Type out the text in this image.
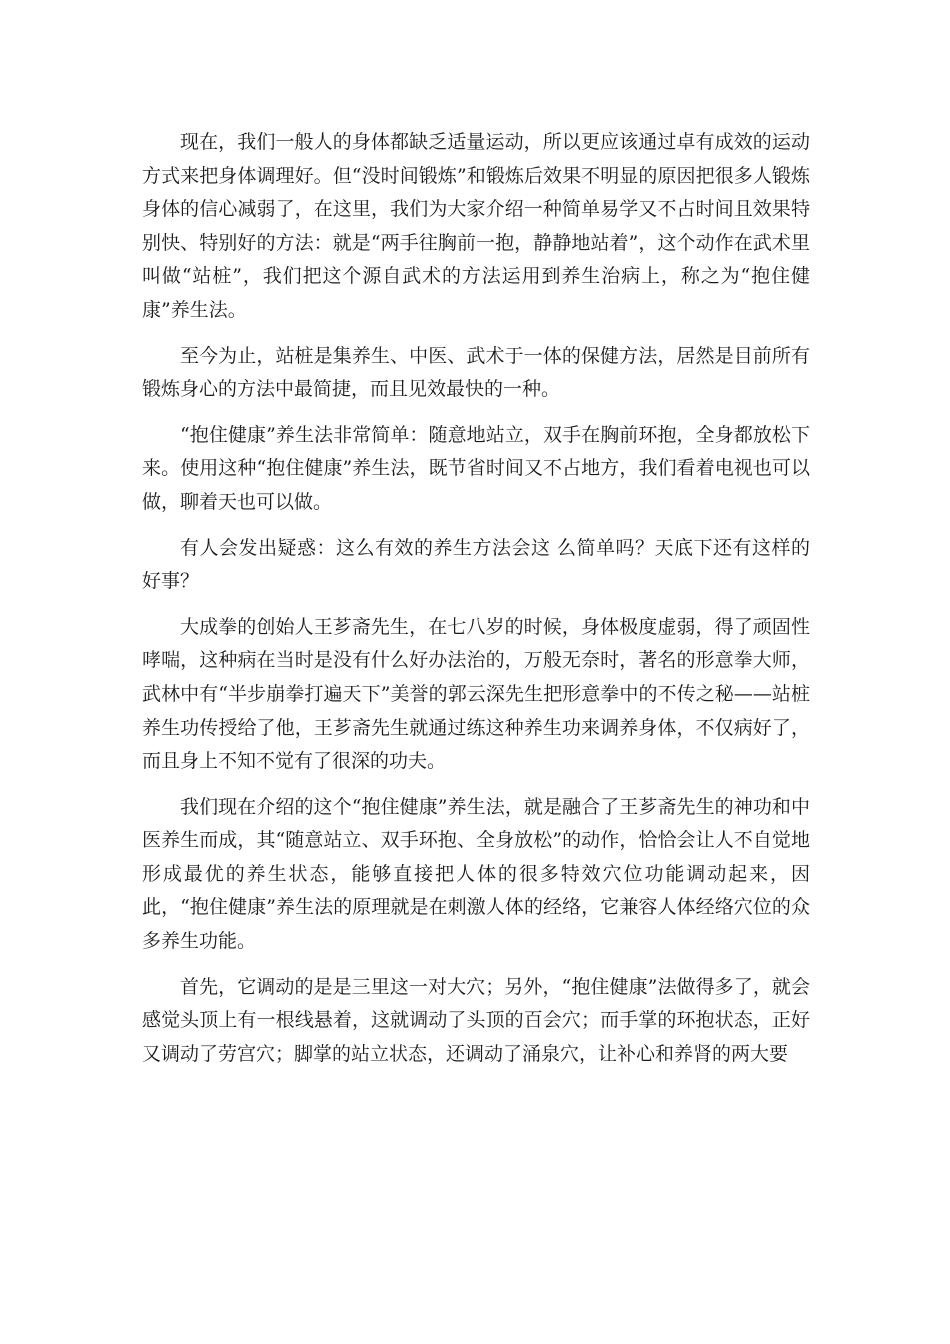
现在，我们一般人的身体都缺乏适量运动，所以更应该通过卓有成效的运动方式来把身体调理好。但“没时间锻炼”和锻炼后效果不明显的原因把很多人锻炼身体的信心减弱了，在这里，我们为大家介绍一种简单易学又不占时间且效果特别快、特别好的方法：就是“两手往胸前一抱，静静地站着”，这个动作在武术里叫做“站桩”，我们把这个源自武术的方法运用到养生治病上，称之为“抱住健康”养生法。

至今为止，站桩是集养生、中医、武术于一体的保健方法，居然是目前所有锻炼身心的方法中最简捷，而且见效最快的一种。

“抱住健康”养生法非常简单：随意地站立，双手在胸前环抱，全身都放松下来。使用这种“抱住健康”养生法，既节省时间又不占地方，我们看着电视也可以做，聊着天也可以做。

有人会发出疑惑：这么有效的养生方法会这 么简单吗？天底下还有这样的好事？

大成拳的创始人王芗斋先生，在七八岁的时候，身体极度虚弱，得了顽固性哮喘，这种病在当时是没有什么好办法治的，万般无奈时，著名的形意拳大师，武林中有“半步崩拳打遍天下”美誉的郭云深先生把形意拳中的不传之秘——站桩养生功传授给了他，王芗斋先生就通过练这种养生功来调养身体，不仅病好了，而且身上不知不觉有了很深的功夫。

我们现在介绍的这个“抱住健康”养生法，就是融合了王芗斋先生的神功和中医养生而成，其“随意站立、双手环抱、全身放松”的动作，恰恰会让人不自觉地形成最优的养生状态，能够直接把人体的很多特效穴位功能调动起来，因此，“抱住健康”养生法的原理就是在刺激人体的经络，它兼容人体经络穴位的众多养生功能。

首先，它调动的是是三里这一对大穴；另外，“抱住健康”法做得多了，就会感觉头顶上有一根线悬着，这就调动了头顶的百会穴；而手掌的环抱状态，正好又调动了劳宫穴；脚掌的站立状态，还调动了涌泉穴，让补心和养肾的两大要
